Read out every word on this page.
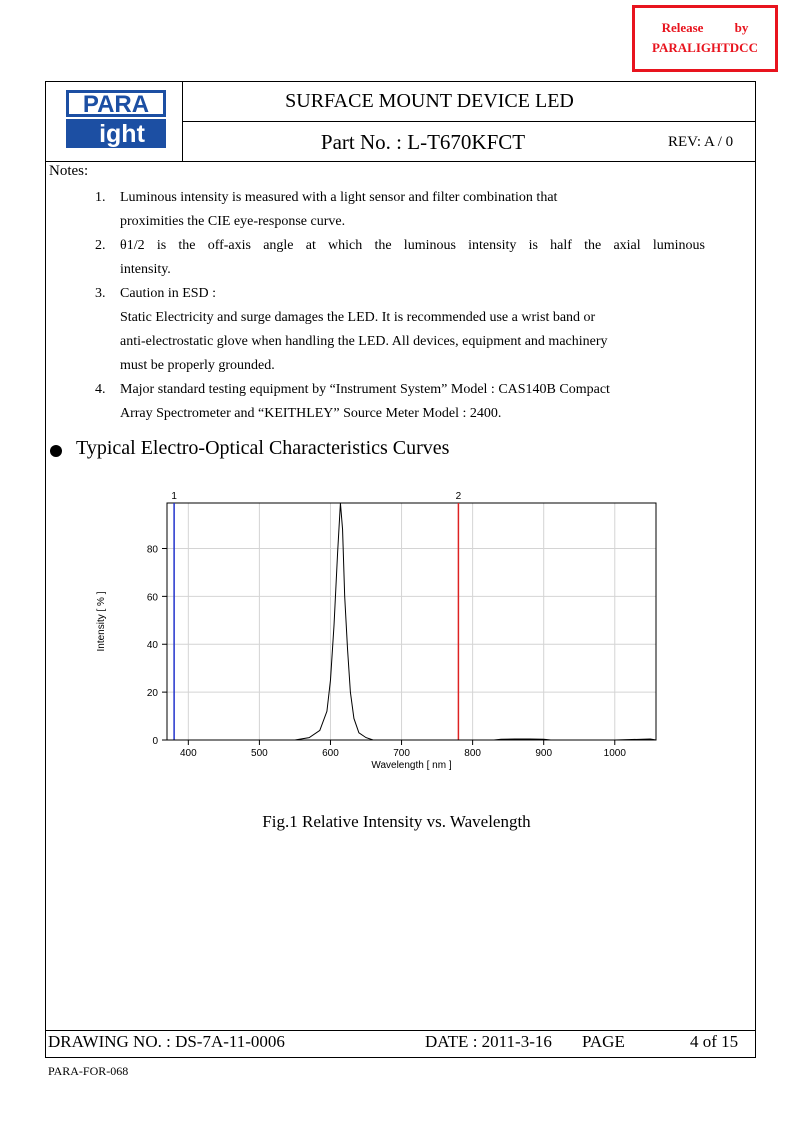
Release by
PARALIGHTDCC
PARA
ight
SURFACE MOUNT DEVICE LED
Part No. : L-T670KFCT	REV: A / 0
Notes:
1. Luminous intensity is measured with a light sensor and filter combination that
proximities the CIE eye-response curve.
2. θ1/2 is the off-axis angle at which the luminous intensity is half the axial luminous
intensity.
3. Caution in ESD :
Static Electricity and surge damages the LED. It is recommended use a wrist band or
anti-electrostatic glove when handling the LED. All devices, equipment and machinery
must be properly grounded.
4. Major standard testing equipment by “Instrument System” Model : CAS140B Compact
Array Spectrometer and “KEITHLEY” Source Meter Model : 2400.
Typical Electro-Optical Characteristics Curves
400	500	600	700	800	900	1000
0
20
40
60
80
Wavelength [ nm ]
Intensity [ % ]
1	2
Fig.1 Relative Intensity vs. Wavelength
DRAWING NO. : DS-7A-11-0006	DATE : 2011-3-16 PAGE	4 of 15
PARA-FOR-068
